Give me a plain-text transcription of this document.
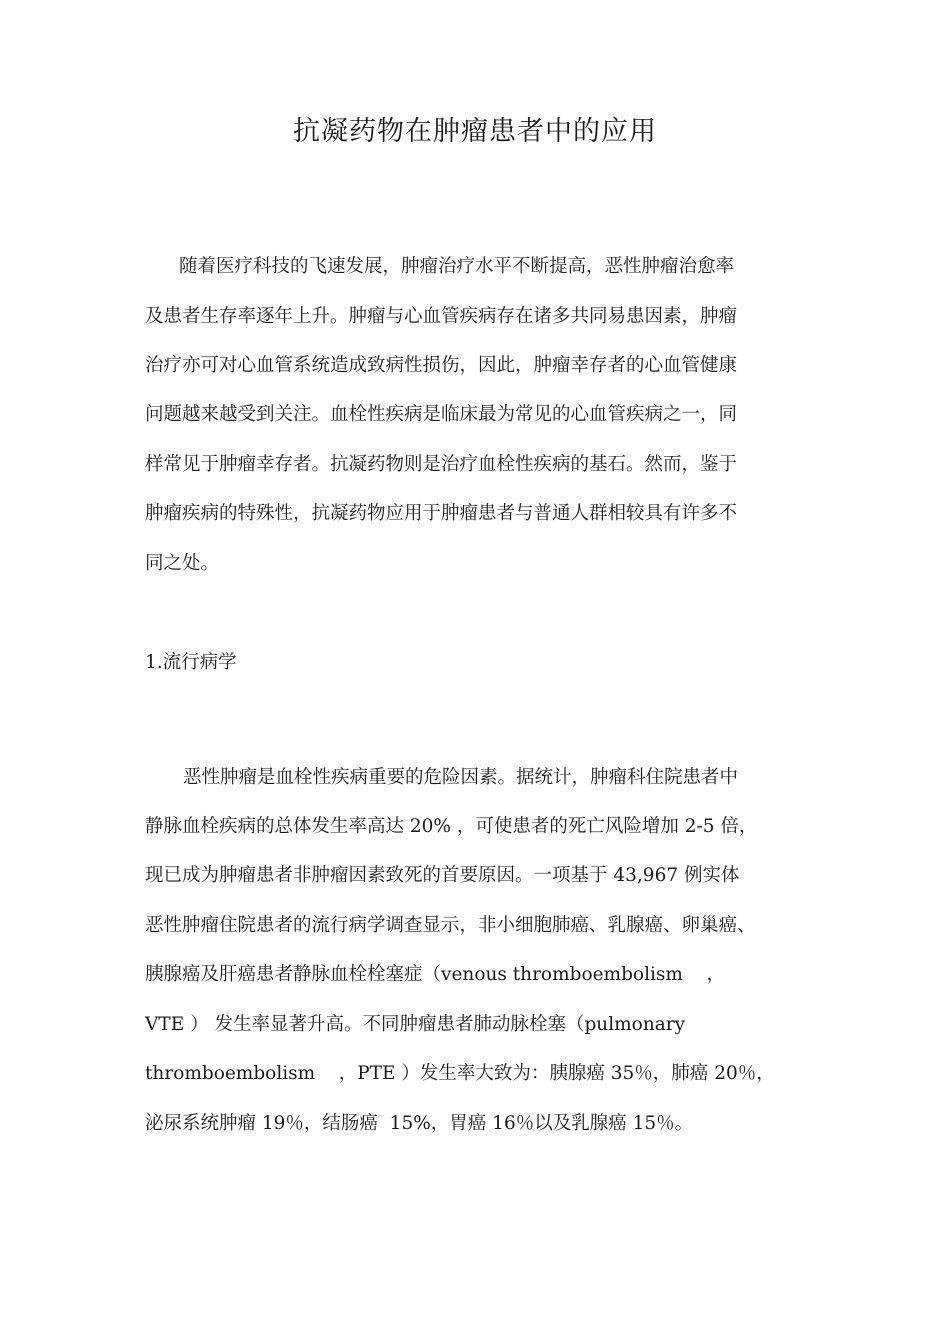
抗凝药物在肿瘤患者中的应用
随着医疗科技的飞速发展，肿瘤治疗水平不断提高，恶性肿瘤治愈率
及患者生存率逐年上升。肿瘤与心血管疾病存在诸多共同易患因素，肿瘤
治疗亦可对心血管系统造成致病性损伤，因此，肿瘤幸存者的心血管健康
问题越来越受到关注。血栓性疾病是临床最为常见的心血管疾病之一，同
样常见于肿瘤幸存者。抗凝药物则是治疗血栓性疾病的基石。然而，鉴于
肿瘤疾病的特殊性，抗凝药物应用于肿瘤患者与普通人群相较具有许多不
同之处。
1.流行病学
恶性肿瘤是血栓性疾病重要的危险因素。据统计，肿瘤科住院患者中
静脉血栓疾病的总体发生率高达 20% ，可使患者的死亡风险增加 2-5 倍，
现已成为肿瘤患者非肿瘤因素致死的首要原因。一项基于 43,967 例实体
恶性肿瘤住院患者的流行病学调查显示，非小细胞肺癌、乳腺癌、卵巢癌、
胰腺癌及肝癌患者静脉血栓栓塞症（venous thromboembolism    ，
VTE ） 发生率显著升高。不同肿瘤患者肺动脉栓塞（pulmonary
thromboembolism    ，PTE ）发生率大致为：胰腺癌 35％，肺癌 20％，
泌尿系统肿瘤 19％，结肠癌  15%，胃癌 16％以及乳腺癌 15％。
